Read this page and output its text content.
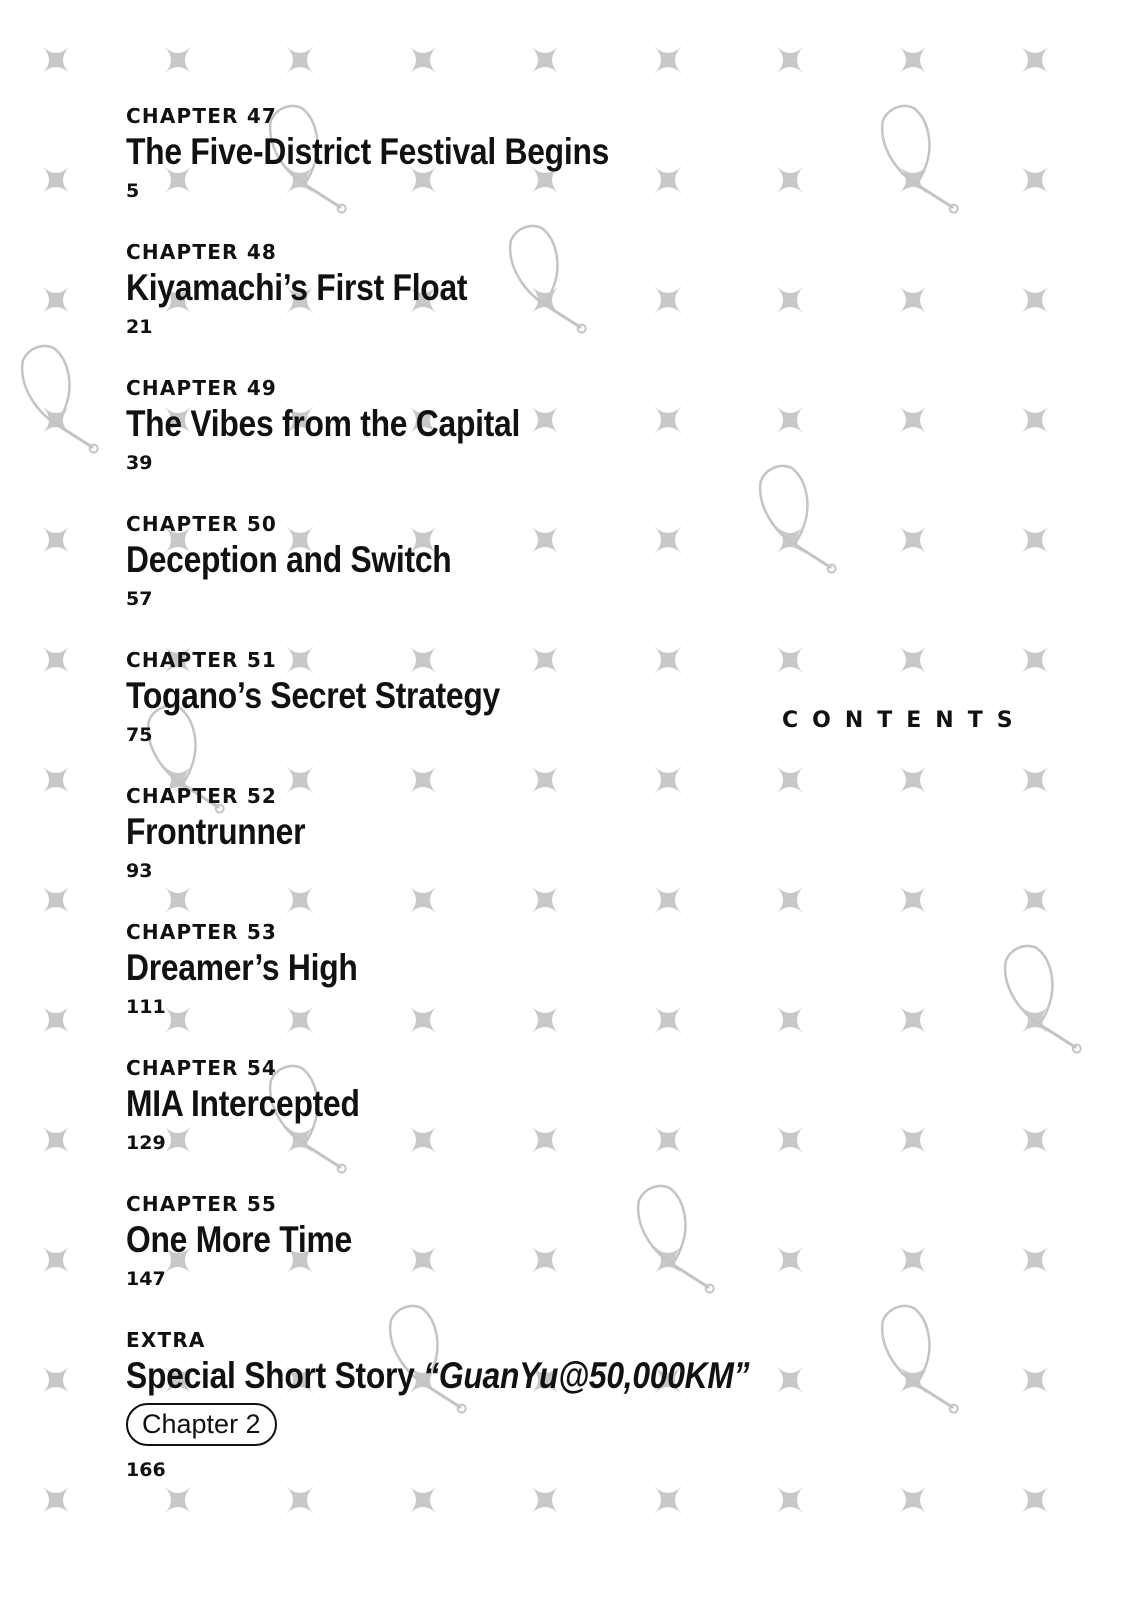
CHAPTER 47
The Five-District Festival Begins
5
CHAPTER 48
Kiyamachi’s First Float
21
CHAPTER 49
The Vibes from the Capital
39
CHAPTER 50
Deception and Switch
57
CHAPTER 51
Togano’s Secret Strategy
75
CHAPTER 52
Frontrunner
93
CHAPTER 53
Dreamer’s High
111
CHAPTER 54
MIA Intercepted
129
CHAPTER 55
One More Time
147
EXTRA
Special Short Story “GuanYu@50,000KM”
Chapter 2
166
CONTENTS
